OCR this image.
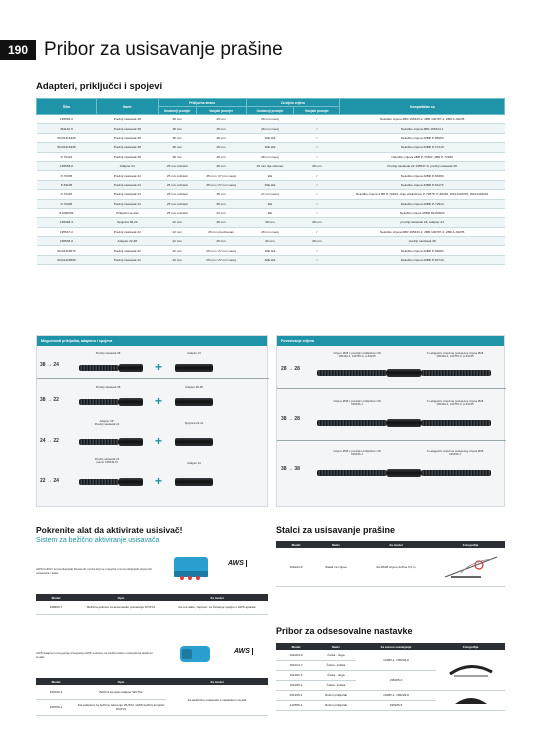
190 Pribor za usisavanje prašine
Adapteri, priključci i spojevi
Šifra	Naziv	Priključna strana		Za bijelo crijevo		Kompatibilan sa
		Unutarnji promjer	Vanjski promjer	Unutarnji promjer	Vanjski promjer	
195546-2	Prednji nastavak 38	38 mm	45 mm	28 mm navoj	/	Nekoliko crijeva 2BR 195433-2, 2BR 140787-2, 2BR A-34235
451132-5	Prednji nastavak 38	38 mm	45 mm	28 mm navoj	/	Nekoliko crijeva 2BR 195434-1
W101416428	Prednji nastavak 38	38 mm	45 mm	32E klik	/	Nekoliko crijeva 32BR P-84084
W101416430	Prednji nastavak 38	38 mm	45 mm	32E klik	/	Nekoliko crijeva 32BR P-17219
P-70421	Prednji nastavak 38	38 mm	45 mm	28 mm navoj	/	Nekoliko crijeva 2BR P-70362, 2BR P-72936
195548-8	Adapter 24	25 mm rebrasti	35 mm	25 mm vlje otkovan	28 mm	Prednji nastavak 22 195547-0, prednji nastavak 38
P-70335	Prednji nastavak 24	25 mm rebrasti	35 mm / 27 mm navoj	klik	/	Nekoliko crijeva 32BR P-84084
P-81105	Prednji nastavak 24	25 mm rebrasti	35 mm / 27 mm navoj	32E klik	/	Nekoliko crijeva 32BR P-81179
P-70415	Prednji nastavak 24	25 mm rebrasti	35 mm	27 mm navoj	/	Nekoliko crijeva 2 BR P-70403, dvije priključnice P-70378, P-38186, W101416076, W101418601
P-72926	Prednji nastavak 24	25 mm rebrasti	35 mm	klik	/	Nekoliko crijeva 32BR P-72914
81000009	Priključni za alat	25 mm rebrasti	32 mm	klik	/	Nekoliko crijeva 25BR 82150004
195348-3	Spojnica 38-22	22 mm	35 mm	38 mm	28 mm	prednji nastavak 24, adapter 24
195547-0	Prednji nastavak 22	22 mm	25 mm predmesan	28 mm navoj	/	Nekoliko crijeva 2BR 195433-2, 2BR 140787-2, 2BR A-34235
195548-6	Adapter 22-38	22 mm	25 mm	32 mm	28 mm	prednji nastavak 38
W101418670	Prednji nastavak 22	22 mm	25 mm / 27 mm navoj	32E klik	/	Nekoliko crijeva 32BR P-84084
W101418668	Prednji nastavak 22	22 mm	25 mm / 27 mm navoj	32E klik	/	Nekoliko crijeva 32BR P-81719
Mogućnosti priključka, adaptera i spojeva
38 → 24
Prednji nastavak 38	Adapter 24
+
38 → 22
Prednji nastavak 38	Adapter 38-38
+
24 → 22
Adapter 24°
Prednji nastavak 24	Spojnica 24-22
+
22 → 24
Prednji nastavak 22
(samo 195549-8)	Adapter 24
+
Povezivanje crijeva
28 → 28
Crijevo Ø28 s prednjim priključkom 38
195433-2, 140787-2, A-34235
S nelaganim crijevima postojećeg crijeva Ø28
195433-2, 140787-2, A-34235
38 → 28
Crijevo Ø38 s prednjim priključkom 38
195434-1
S nelaganim crijevima postojećeg crijeva Ø28
195433-2, 140787-2, A-34235
38 → 38
Crijevo Ø38 s prednjim priključkom 38
195434-1
S nelaganim crijevima postojećeg crijeva Ø38
195434-1
Pokrenite alat da aktivirate usisivač!
Sistem za bežično aktiviranje usisavača
AWS
AWS bežični komunikacijski bluetooth modul koji se integrira u komunikacijski prijemnik usisavača i alata.
Model	Opis	Za model
198900-7	Bežična jedinica za automatsko pokretanje WUT01	Za ove alate, zapravo: za Činkenje spoljne u AWS aparate
AWS
AWS adapteri omogućuje integraciju AWS sustava na elektronskim usisivačima alatima i ta alat.
Model	Opis	Za model
199762-2	Bežični komplet adapter WUT02	Za električne usisavače s nastavkom za alat
199766-1	Set adaptera za bežično iskorenje WUT02 i AWS bežični komplet WUT01	
Stalci za usisavanje prašine
Model	Naziv	Za model	Fotografija
191E23-6	Stalak za crijevo	Za 38/28 crijevo dužine 5,0 m	
Pribor za odsesovalne nastavke
Model	Naziv	Za usisno ustvarjanje	Fotografija
1912D3-9	Četka - duga	191B5-1, 195220-8	
1912C3-7	Četka - kratka		
191Z06-3	Četka - duga	195265-0	
191Z05-2	Četka - kratka		
451395-3	Rotirni priključak	191B5-1, 195229-8	
41Z656-4	Rotirni priključak	195265-5	
